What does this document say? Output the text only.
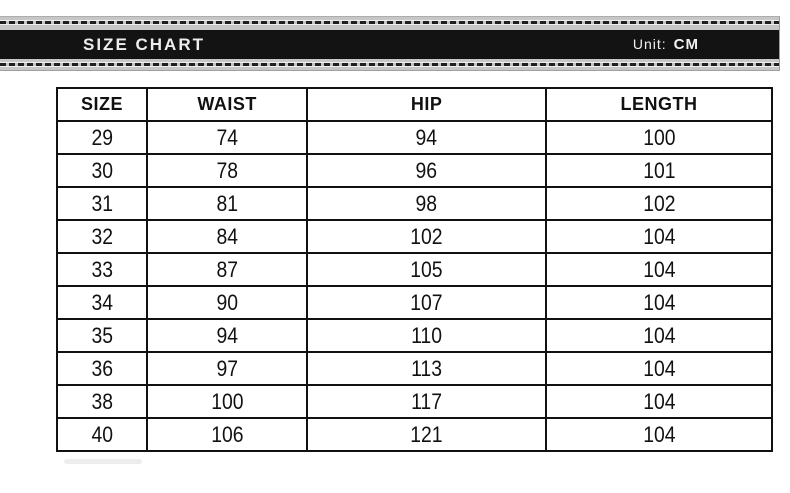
SIZE CHART	Unit: CM
SIZE	WAIST	HIP	LENGTH
29	74	94	100
30	78	96	101
31	81	98	102
32	84	102	104
33	87	105	104
34	90	107	104
35	94	110	104
36	97	113	104
38	100	117	104
40	106	121	104
